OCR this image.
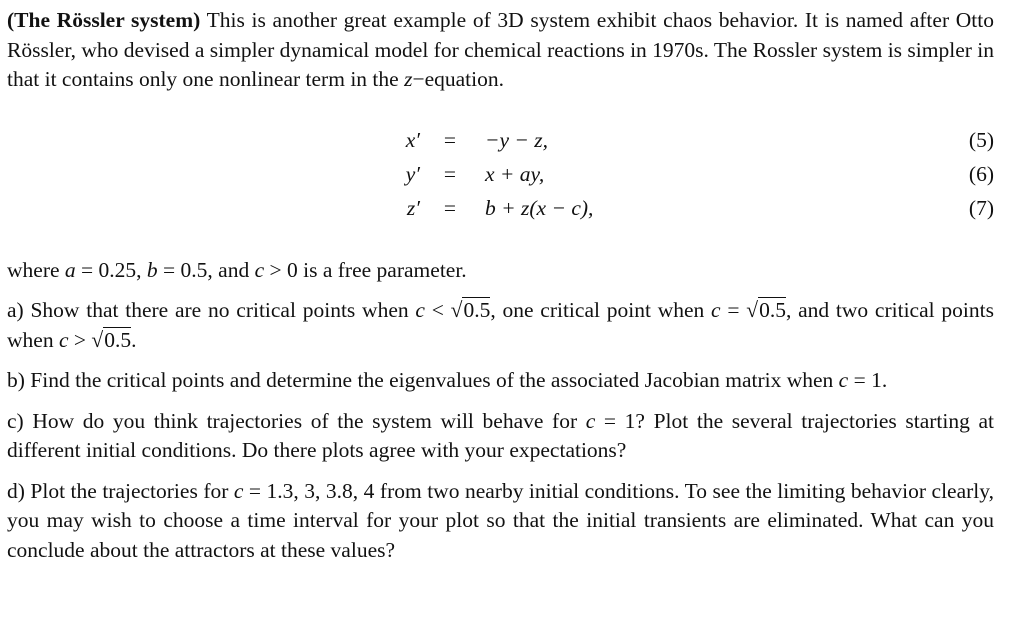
(The Rössler system) This is another great example of 3D system exhibit chaos behavior. It is named after Otto Rössler, who devised a simpler dynamical model for chemical reactions in 1970s. The Rossler system is simpler in that it contains only one nonlinear term in the z−equation.

x′ = −y − z,	(5)
y′ = x + ay,	(6)
z′ = b + z(x − c),	(7)

where a = 0.25, b = 0.5, and c > 0 is a free parameter.

a) Show that there are no critical points when c < √0.5, one critical point when c = √0.5, and two critical points when c > √0.5.

b) Find the critical points and determine the eigenvalues of the associated Jacobian matrix when c = 1.

c) How do you think trajectories of the system will behave for c = 1? Plot the several trajectories starting at different initial conditions. Do there plots agree with your expectations?

d) Plot the trajectories for c = 1.3, 3, 3.8, 4 from two nearby initial conditions. To see the limiting behavior clearly, you may wish to choose a time interval for your plot so that the initial transients are eliminated. What can you conclude about the attractors at these values?
